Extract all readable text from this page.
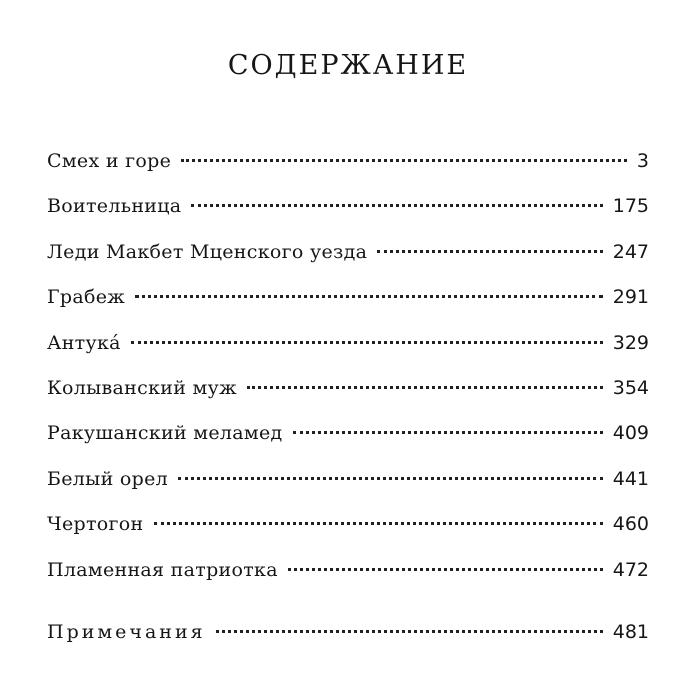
СОДЕРЖАНИЕ
Смех и горе	3
Воительница	175
Леди Макбет Мценского уезда	247
Грабеж	291
Антука́	329
Колыванский муж	354
Ракушанский меламед	409
Белый орел	441
Чертогон	460
Пламенная патриотка	472
Примечания	481
